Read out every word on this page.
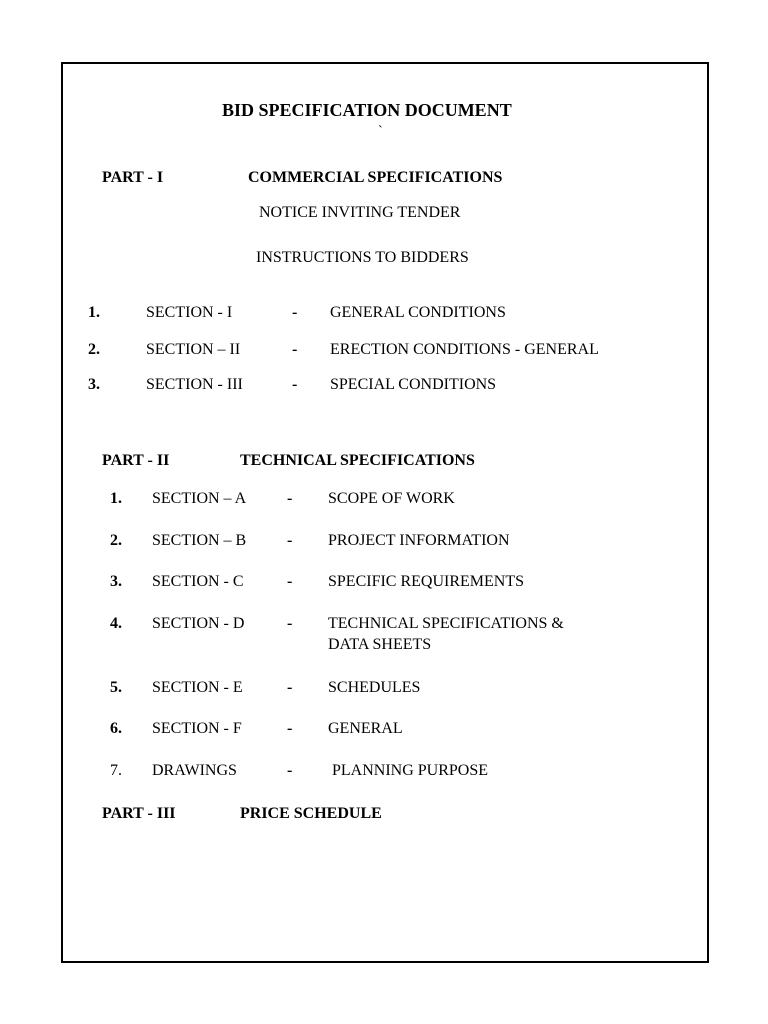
BID SPECIFICATION DOCUMENT
`
PART - I	COMMERCIAL SPECIFICATIONS
NOTICE INVITING TENDER
INSTRUCTIONS TO BIDDERS
1.	SECTION - I	- GENERAL CONDITIONS
2.	SECTION – II	- ERECTION CONDITIONS - GENERAL
3.	SECTION - III	- SPECIAL CONDITIONS
PART - II	TECHNICAL SPECIFICATIONS
1. SECTION – A	- SCOPE OF WORK
2. SECTION – B	- PROJECT INFORMATION
3. SECTION - C	- SPECIFIC REQUIREMENTS
4. SECTION - D	- TECHNICAL SPECIFICATIONS &
DATA SHEETS
5. SECTION - E	- SCHEDULES
6. SECTION - F	- GENERAL
7. DRAWINGS	- PLANNING PURPOSE
PART - III	PRICE SCHEDULE
